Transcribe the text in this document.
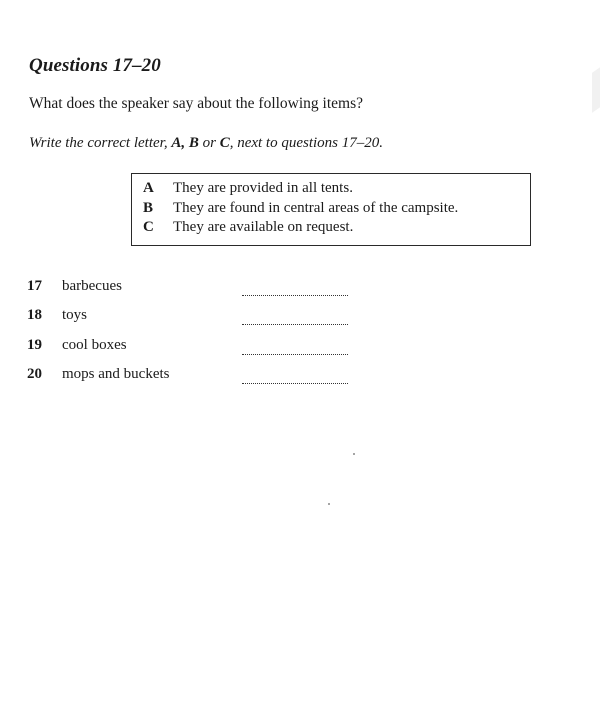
Questions 17–20
What does the speaker say about the following items?
Write the correct letter, A, B or C, next to questions 17–20.
A	They are provided in all tents.
B	They are found in central areas of the campsite.
C	They are available on request.
17	barbecues
18	toys
19	cool boxes
20	mops and buckets
